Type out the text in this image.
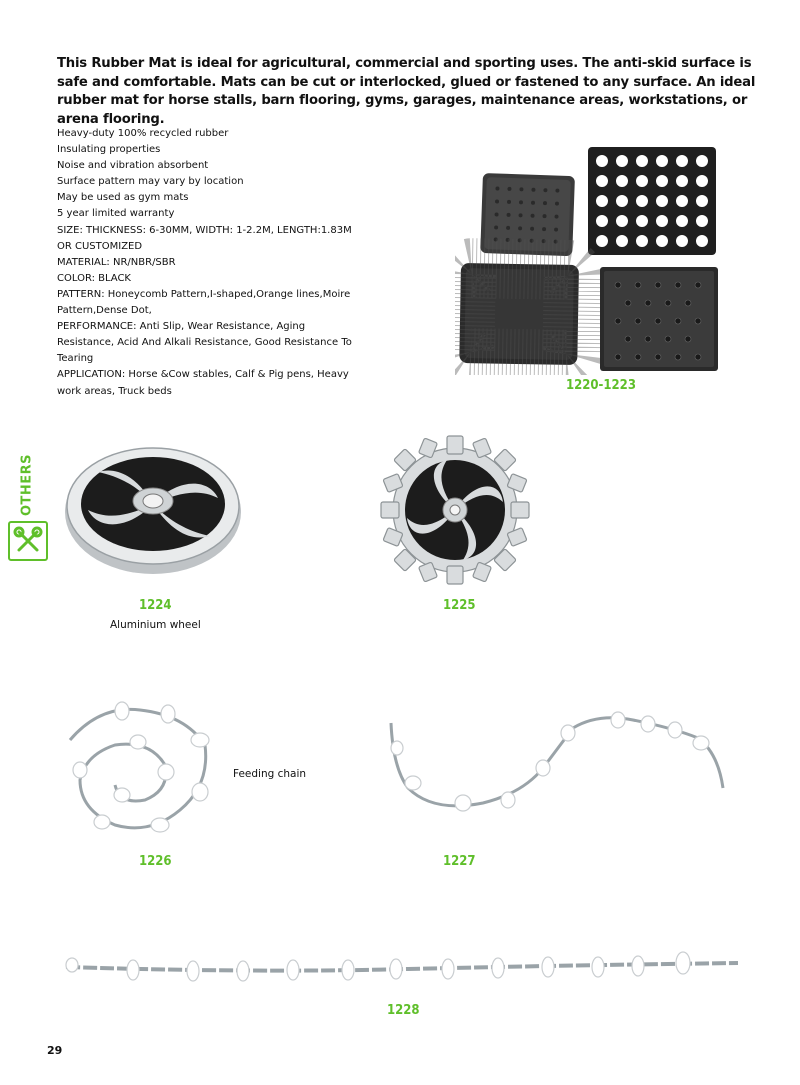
This Rubber Mat is ideal for agricultural, commercial and sporting uses. The anti-skid surface is safe and comfortable. Mats can be cut or interlocked, glued or fastened to any surface. An ideal rubber mat for horse stalls, barn flooring, gyms, garages, maintenance areas, workstations, or arena flooring.
Heavy-duty 100% recycled rubber
Insulating properties
Noise and vibration absorbent
Surface pattern may vary by location
May be used as gym mats
5 year limited warranty
SIZE: THICKNESS: 6-30MM, WIDTH: 1-2.2M, LENGTH:1.83M OR CUSTOMIZED
MATERIAL: NR/NBR/SBR
COLOR: BLACK
PATTERN: Honeycomb Pattern,I-shaped,Orange lines,Moire Pattern,Dense Dot,
PERFORMANCE: Anti Slip, Wear Resistance, Aging Resistance, Acid And Alkali Resistance, Good Resistance To Tearing
APPLICATION: Horse &Cow stables, Calf & Pig pens, Heavy work areas, Truck beds	1220-1223
OTHERS
1224
Aluminium wheel
1225
Feeding chain
1226	1227
1228
29
